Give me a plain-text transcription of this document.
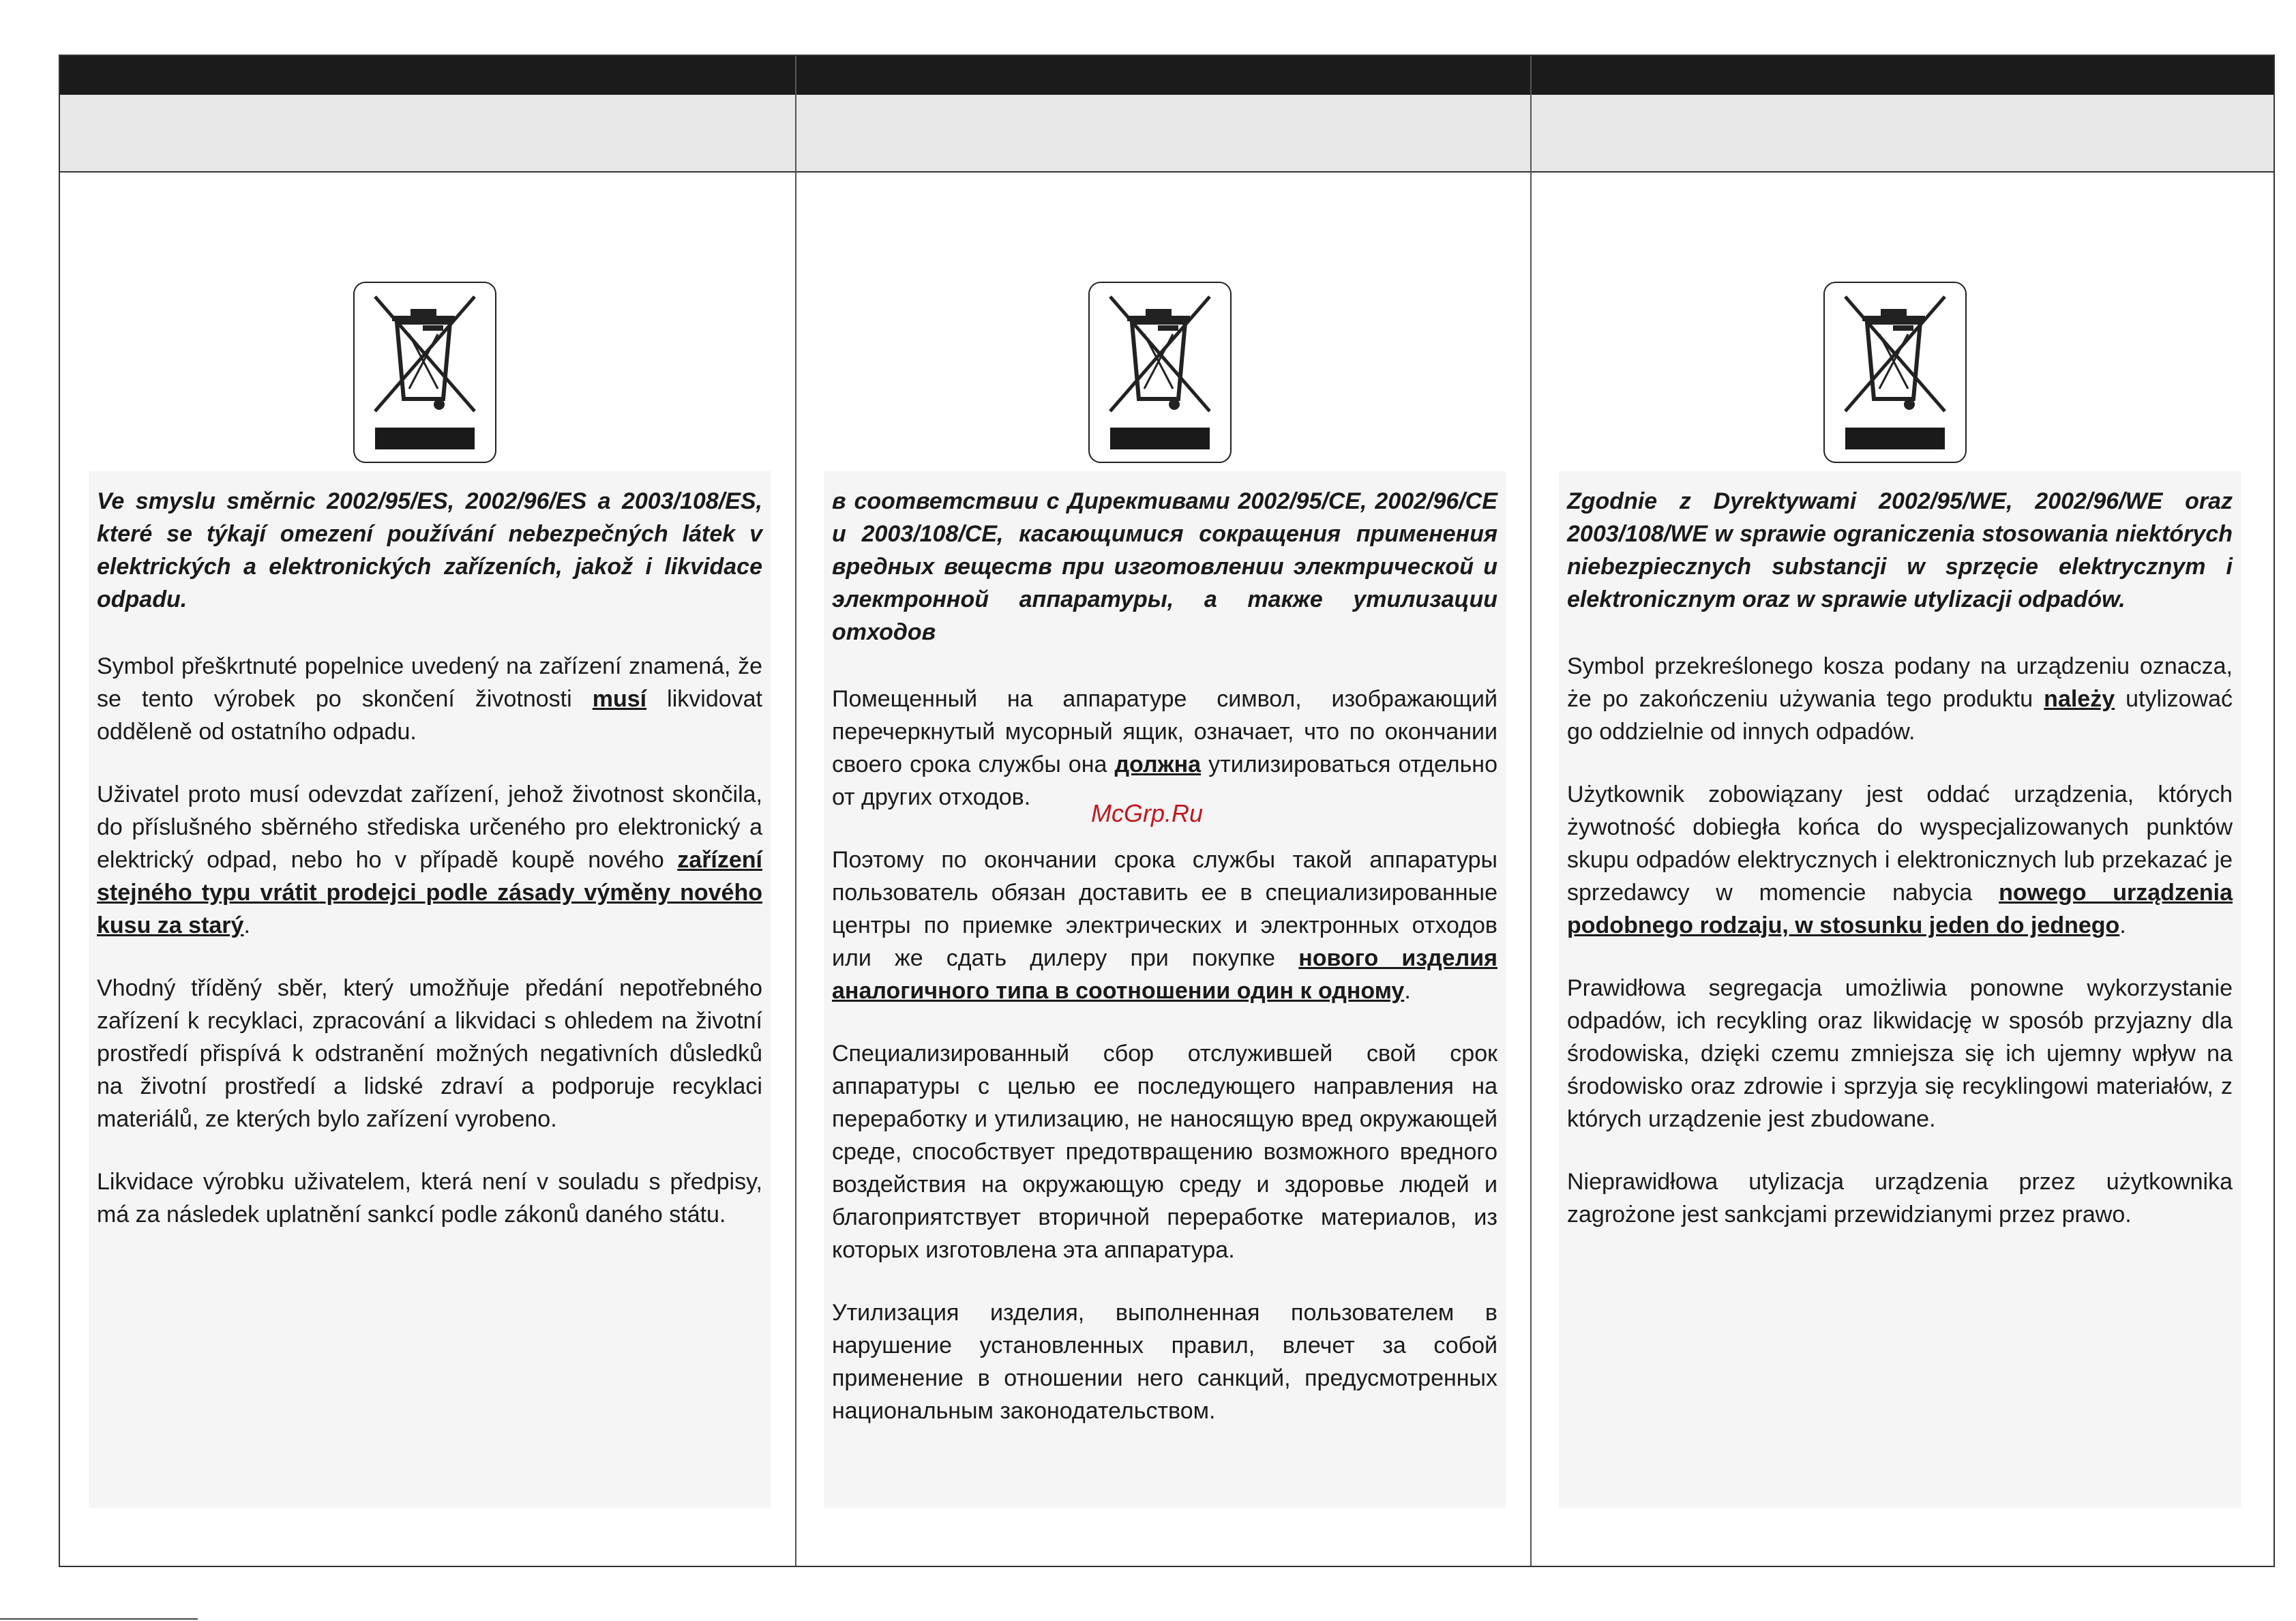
Ve smyslu směrnic 2002/95/ES, 2002/96/ES a 2003/108/ES, které se týkají omezení používání nebezpečných látek v elektrických a elektronických zařízeních, jakož i likvidace odpadu.

Symbol přeškrtnuté popelnice uvedený na zařízení znamená, že se tento výrobek po skončení životnosti musí likvidovat odděleně od ostatního odpadu.

Uživatel proto musí odevzdat zařízení, jehož životnost skončila, do příslušného sběrného střediska určeného pro elektronický a elektrický odpad, nebo ho v případě koupě nového zařízení stejného typu vrátit prodejci podle zásady výměny nového kusu za starý.

Vhodný tříděný sběr, který umožňuje předání nepotřebného zařízení k recyklaci, zpracování a likvidaci s ohledem na životní prostředí přispívá k odstranění možných negativních důsledků na životní prostředí a lidské zdraví a podporuje recyklaci materiálů, ze kterých bylo zařízení vyrobeno.

Likvidace výrobku uživatelem, která není v souladu s předpisy, má za následek uplatnění sankcí podle zákonů daného státu.

в соответствии с Директивами 2002/95/CE, 2002/96/CE и 2003/108/CE, касающимися сокращения применения вредных веществ при изготовлении электрической и электронной аппаратуры, а также утилизации отходов

Помещенный на аппаратуре символ, изображающий перечеркнутый мусорный ящик, означает, что по окончании своего срока службы она должна утилизироваться отдельно от других отходов.

Поэтому по окончании срока службы такой аппаратуры пользователь обязан доставить ее в специализированные центры по приемке электрических и электронных отходов или же сдать дилеру при покупке нового изделия аналогичного типа в соотношении один к одному.

Специализированный сбор отслужившей свой срок аппаратуры с целью ее последующего направления на переработку и утилизацию, не наносящую вред окружающей среде, способствует предотвращению возможного вредного воздействия на окружающую среду и здоровье людей и благоприятствует вторичной переработке материалов, из которых изготовлена эта аппаратура.

Утилизация изделия, выполненная пользователем в нарушение установленных правил, влечет за собой применение в отношении него санкций, предусмотренных национальным законодательством.

Zgodnie z Dyrektywami 2002/95/WE, 2002/96/WE oraz 2003/108/WE w sprawie ograniczenia stosowania niektórych niebezpiecznych substancji w sprzęcie elektrycznym i elektronicznym oraz w sprawie utylizacji odpadów.

Symbol przekreślonego kosza podany na urządzeniu oznacza, że po zakończeniu używania tego produktu należy utylizować go oddzielnie od innych odpadów.

Użytkownik zobowiązany jest oddać urządzenia, których żywotność dobiegła końca do wyspecjalizowanych punktów skupu odpadów elektrycznych i elektronicznych lub przekazać je sprzedawcy w momencie nabycia nowego urządzenia podobnego rodzaju, w stosunku jeden do jednego.

Prawidłowa segregacja umożliwia ponowne wykorzystanie odpadów, ich recykling oraz likwidację w sposób przyjazny dla środowiska, dzięki czemu zmniejsza się ich ujemny wpływ na środowisko oraz zdrowie i sprzyja się recyklingowi materiałów, z których urządzenie jest zbudowane.

Nieprawidłowa utylizacja urządzenia przez użytkownika zagrożone jest sankcjami przewidzianymi przez prawo.

McGrp.Ru
